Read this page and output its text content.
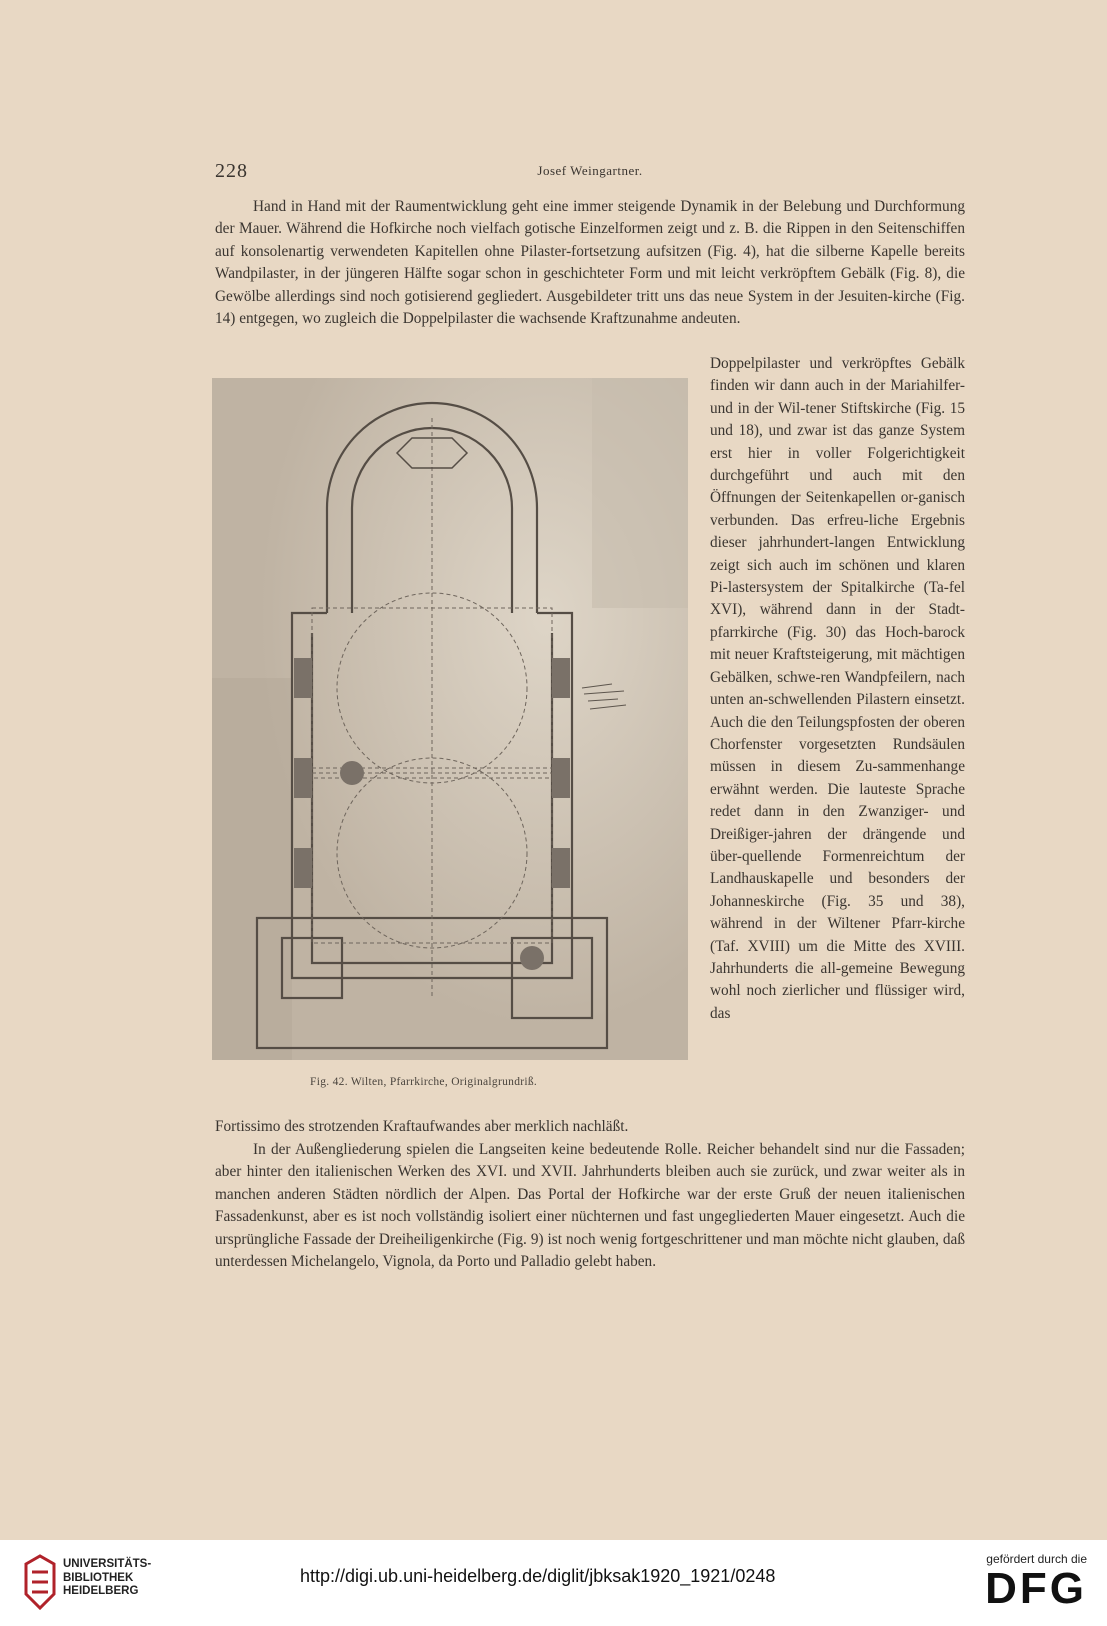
228	Josef Weingartner.

Hand in Hand mit der Raumentwicklung geht eine immer steigende Dynamik in der Belebung und Durchformung der Mauer. Während die Hofkirche noch vielfach gotische Einzelformen zeigt und z. B. die Rippen in den Seitenschiffen auf konsolenartig verwendeten Kapitellen ohne Pilaster-fortsetzung aufsitzen (Fig. 4), hat die silberne Kapelle bereits Wandpilaster, in der jüngeren Hälfte sogar schon in geschichteter Form und mit leicht verkröpftem Gebälk (Fig. 8), die Gewölbe allerdings sind noch gotisierend gegliedert. Ausgebildeter tritt uns das neue System in der Jesuiten-kirche (Fig. 14) entgegen, wo zugleich die Doppelpilaster die wachsende Kraftzunahme andeuten.

Doppelpilaster und verkröpftes Gebälk finden wir dann auch in der Mariahilfer- und in der Wil-tener Stiftskirche (Fig. 15 und 18), und zwar ist das ganze System erst hier in voller Folgerichtigkeit durchgeführt und auch mit den Öffnungen der Seitenkapellen or-ganisch verbunden. Das erfreu-liche Ergebnis dieser jahrhundert-langen Entwicklung zeigt sich auch im schönen und klaren Pi-lastersystem der Spitalkirche (Ta-fel XVI), während dann in der Stadt-pfarrkirche (Fig. 30) das Hoch-barock mit neuer Kraftsteigerung, mit mächtigen Gebälken, schwe-ren Wandpfeilern, nach unten an-schwellenden Pilastern einsetzt. Auch die den Teilungspfosten der oberen Chorfenster vorgesetzten Rundsäulen müssen in diesem Zu-sammenhange erwähnt werden. Die lauteste Sprache redet dann in den Zwanziger- und Dreißiger-jahren der drängende und über-quellende Formenreichtum der Landhauskapelle und besonders der Johanneskirche (Fig. 35 und 38), während in der Wiltener Pfarr-kirche (Taf. XVIII) um die Mitte des XVIII. Jahrhunderts die all-gemeine Bewegung wohl noch zierlicher und flüssiger wird, das

Fig. 42. Wilten, Pfarrkirche, Originalgrundriß.

Fortissimo des strotzenden Kraftaufwandes aber merklich nachläßt.

In der Außengliederung spielen die Langseiten keine bedeutende Rolle. Reicher behandelt sind nur die Fassaden; aber hinter den italienischen Werken des XVI. und XVII. Jahrhunderts bleiben auch sie zurück, und zwar weiter als in manchen anderen Städten nördlich der Alpen. Das Portal der Hofkirche war der erste Gruß der neuen italienischen Fassadenkunst, aber es ist noch vollständig isoliert einer nüchternen und fast ungegliederten Mauer eingesetzt. Auch die ursprüngliche Fassade der Dreiheiligenkirche (Fig. 9) ist noch wenig fortgeschrittener und man möchte nicht glauben, daß unterdessen Michelangelo, Vignola, da Porto und Palladio gelebt haben.

UNIVERSITÄTS-
BIBLIOTHEK
HEIDELBERG
http://digi.ub.uni-heidelberg.de/diglit/jbksak1920_1921/0248
gefördert durch die
DFG
